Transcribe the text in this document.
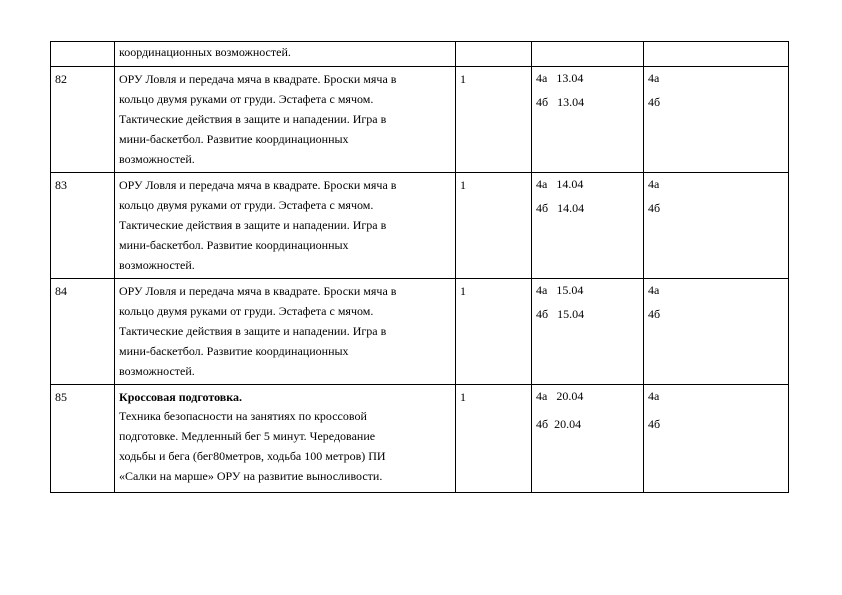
	координационных возможностей.			

82	ОРУ Ловля и передача мяча в квадрате. Броски мяча в
кольцо двумя руками от груди. Эстафета с мячом.
Тактические действия в защите и нападении. Игра в
мини-баскетбол. Развитие координационных
возможностей.	1	4а   13.04
4б   13.04	4а
4б

83	ОРУ Ловля и передача мяча в квадрате. Броски мяча в
кольцо двумя руками от груди. Эстафета с мячом.
Тактические действия в защите и нападении. Игра в
мини-баскетбол. Развитие координационных
возможностей.	1	4а   14.04
4б   14.04	4а
4б

84	ОРУ Ловля и передача мяча в квадрате. Броски мяча в
кольцо двумя руками от груди. Эстафета с мячом.
Тактические действия в защите и нападении. Игра в
мини-баскетбол. Развитие координационных
возможностей.	1	4а   15.04
4б   15.04	4а
4б

85	Кроссовая подготовка.
Техника безопасности на занятиях по кроссовой
подготовке. Медленный бег 5 минут. Чередование
ходьбы и бега (бег80метров, ходьба 100 метров) ПИ
«Салки на марше» ОРУ на развитие выносливости.	1	4а   20.04
4б  20.04	4а
4б
